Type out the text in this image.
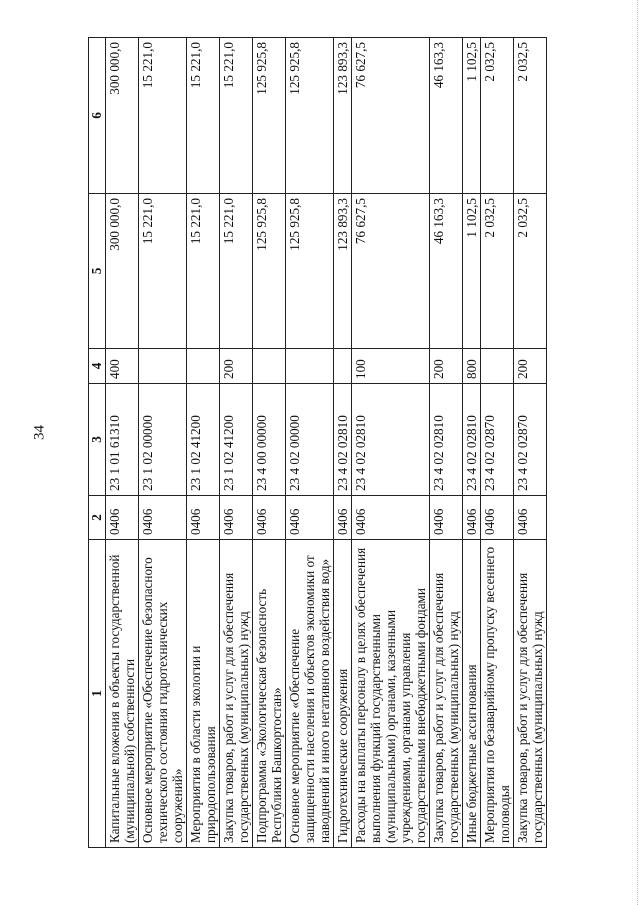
34
1	2	3	4	5	6
Капитальные вложения в объекты государственной (муниципальной) собственности	0406	23 1 01 61310	400	300 000,0	300 000,0
Основное мероприятие «Обеспечение безопасного технического состояния гидротехнических сооружений»	0406	23 1 02 00000		15 221,0	15 221,0
Мероприятия в области экологии и природопользования	0406	23 1 02 41200		15 221,0	15 221,0
Закупка товаров, работ и услуг для обеспечения государственных (муниципальных) нужд	0406	23 1 02 41200	200	15 221,0	15 221,0
Подпрограмма «Экологическая безопасность Республики Башкортостан»	0406	23 4 00 00000		125 925,8	125 925,8
Основное мероприятие «Обеспечение защищенности населения и объектов экономики от наводнений и иного негативного воздействия вод»	0406	23 4 02 00000		125 925,8	125 925,8
Гидротехнические сооружения	0406	23 4 02 02810		123 893,3	123 893,3
Расходы на выплаты персоналу в целях обеспечения выполнения функций государственными (муниципальными) органами, казенными учреждениями, органами управления государственными внебюджетными фондами	0406	23 4 02 02810	100	76 627,5	76 627,5
Закупка товаров, работ и услуг для обеспечения государственных (муниципальных) нужд	0406	23 4 02 02810	200	46 163,3	46 163,3
Иные бюджетные ассигнования	0406	23 4 02 02810	800	1 102,5	1 102,5
Мероприятия по безаварийному пропуску весеннего половодья	0406	23 4 02 02870		2 032,5	2 032,5
Закупка товаров, работ и услуг для обеспечения государственных (муниципальных) нужд	0406	23 4 02 02870	200	2 032,5	2 032,5
